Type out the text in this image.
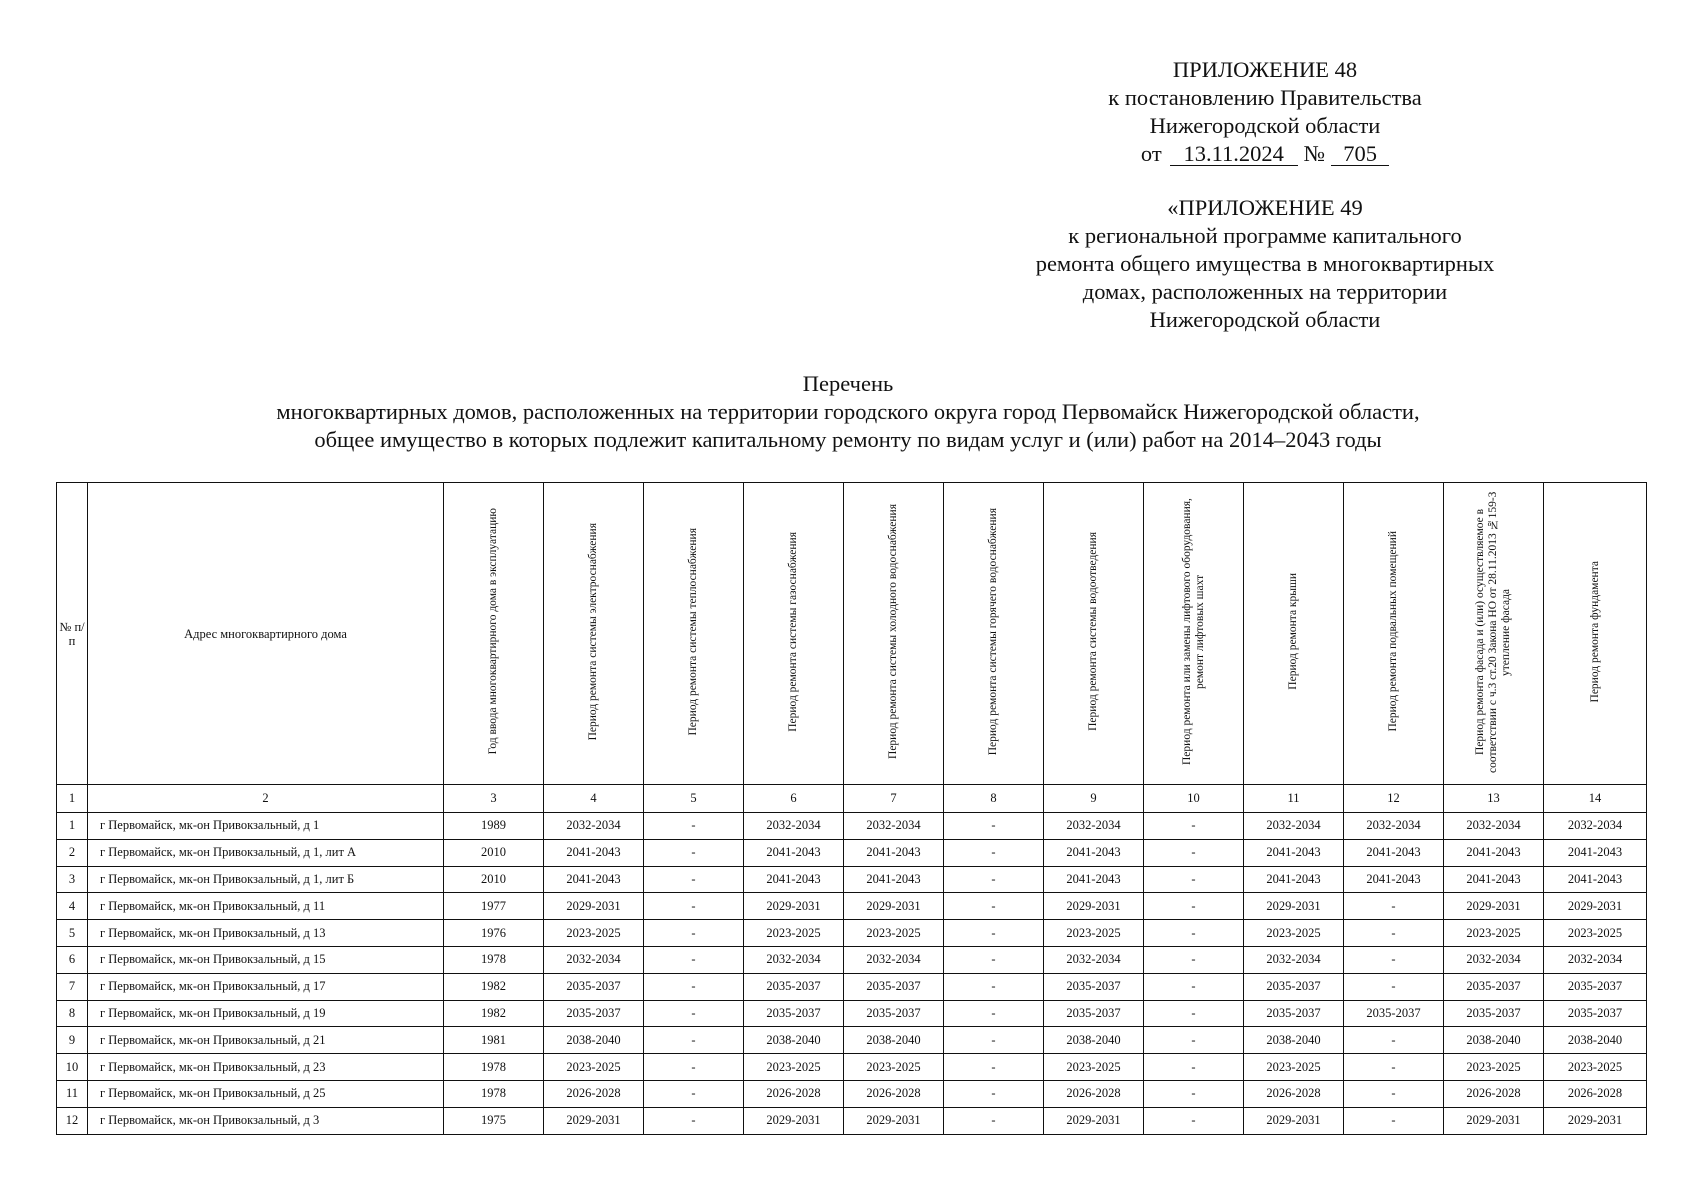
ПРИЛОЖЕНИЕ 48
к постановлению Правительства
Нижегородской области
от 13.11.2024 № 705
«ПРИЛОЖЕНИЕ 49
к региональной программе капитального
ремонта общего имущества в многоквартирных
домах, расположенных на территории
Нижегородской области
Перечень
многоквартирных домов, расположенных на территории городского округа город Первомайск Нижегородской области,
общее имущество в которых подлежит капитальному ремонту по видам услуг и (или) работ на 2014–2043 годы
№ п/п	Адрес многоквартирного дома	Год ввода многоквартирного дома в эксплуатацию	Период ремонта системы электроснабжения	Период ремонта системы теплоснабжения	Период ремонта системы газоснабжения	Период ремонта системы холодного водоснабжения	Период ремонта системы горячего водоснабжения	Период ремонта системы водоотведения	Период ремонта или замены лифтового оборудования, ремонт лифтовых шахт	Период ремонта крыши	Период ремонта подвальных помещений	Период ремонта фасада и (или) осуществляемое в соответствии с ч.3 ст.20 Закона НО от 28.11.2013 №159-З утепление фасада	Период ремонта фундамента
1	2	3	4	5	6	7	8	9	10	11	12	13	14
1	г Первомайск, мк-он Привокзальный, д 1	1989	2032-2034	-	2032-2034	2032-2034	-	2032-2034	-	2032-2034	2032-2034	2032-2034	2032-2034
2	г Первомайск, мк-он Привокзальный, д 1, лит А	2010	2041-2043	-	2041-2043	2041-2043	-	2041-2043	-	2041-2043	2041-2043	2041-2043	2041-2043
3	г Первомайск, мк-он Привокзальный, д 1, лит Б	2010	2041-2043	-	2041-2043	2041-2043	-	2041-2043	-	2041-2043	2041-2043	2041-2043	2041-2043
4	г Первомайск, мк-он Привокзальный, д 11	1977	2029-2031	-	2029-2031	2029-2031	-	2029-2031	-	2029-2031	-	2029-2031	2029-2031
5	г Первомайск, мк-он Привокзальный, д 13	1976	2023-2025	-	2023-2025	2023-2025	-	2023-2025	-	2023-2025	-	2023-2025	2023-2025
6	г Первомайск, мк-он Привокзальный, д 15	1978	2032-2034	-	2032-2034	2032-2034	-	2032-2034	-	2032-2034	-	2032-2034	2032-2034
7	г Первомайск, мк-он Привокзальный, д 17	1982	2035-2037	-	2035-2037	2035-2037	-	2035-2037	-	2035-2037	-	2035-2037	2035-2037
8	г Первомайск, мк-он Привокзальный, д 19	1982	2035-2037	-	2035-2037	2035-2037	-	2035-2037	-	2035-2037	2035-2037	2035-2037	2035-2037
9	г Первомайск, мк-он Привокзальный, д 21	1981	2038-2040	-	2038-2040	2038-2040	-	2038-2040	-	2038-2040	-	2038-2040	2038-2040
10	г Первомайск, мк-он Привокзальный, д 23	1978	2023-2025	-	2023-2025	2023-2025	-	2023-2025	-	2023-2025	-	2023-2025	2023-2025
11	г Первомайск, мк-он Привокзальный, д 25	1978	2026-2028	-	2026-2028	2026-2028	-	2026-2028	-	2026-2028	-	2026-2028	2026-2028
12	г Первомайск, мк-он Привокзальный, д 3	1975	2029-2031	-	2029-2031	2029-2031	-	2029-2031	-	2029-2031	-	2029-2031	2029-2031
